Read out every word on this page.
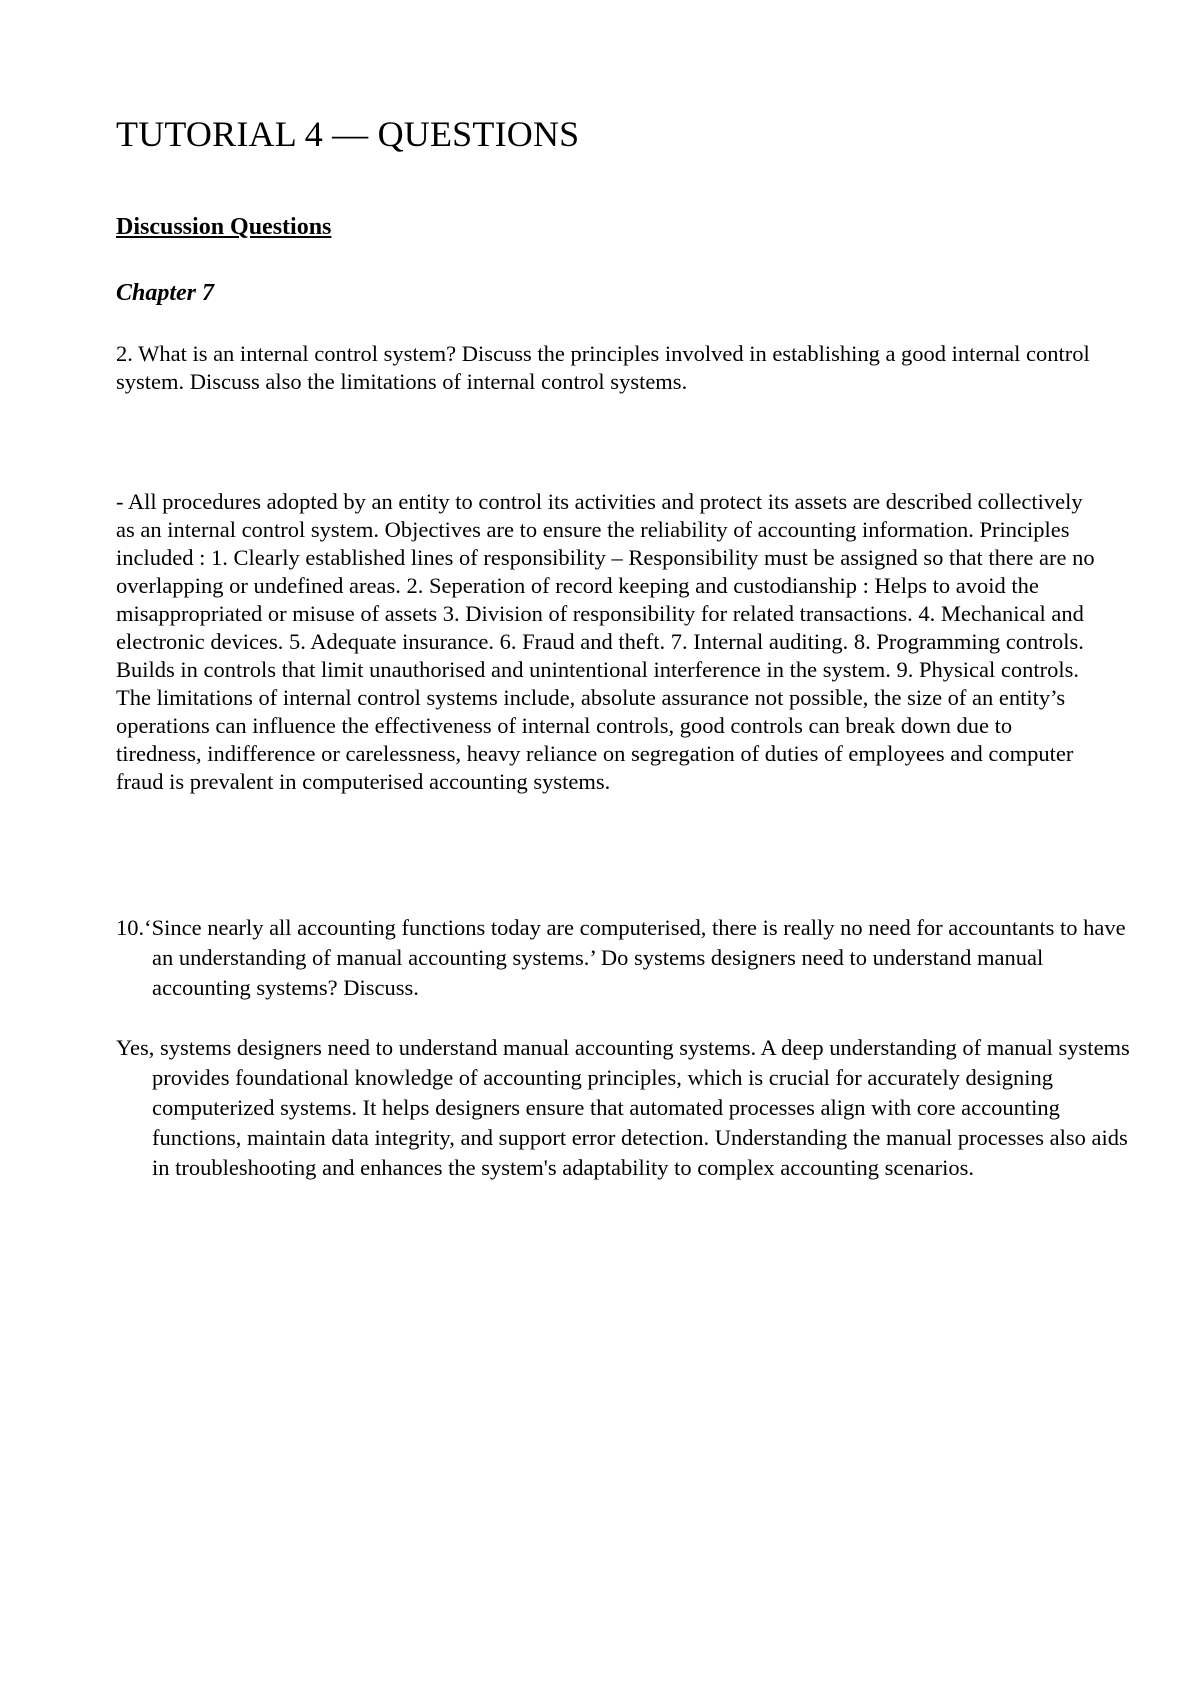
TUTORIAL 4 — QUESTIONS
Discussion Questions
Chapter 7

2. What is an internal control system? Discuss the principles involved in establishing a good internal control system. Discuss also the limitations of internal control systems.

- All procedures adopted by an entity to control its activities and protect its assets are described collectively as an internal control system. Objectives are to ensure the reliability of accounting information. Principles included : 1. Clearly established lines of responsibility – Responsibility must be assigned so that there are no overlapping or undefined areas. 2. Seperation of record keeping and custodianship : Helps to avoid the misappropriated or misuse of assets 3. Division of responsibility for related transactions. 4. Mechanical and electronic devices. 5. Adequate insurance. 6. Fraud and theft. 7. Internal auditing. 8. Programming controls. Builds in controls that limit unauthorised and unintentional interference in the system. 9. Physical controls. The limitations of internal control systems include, absolute assurance not possible, the size of an entity’s operations can influence the effectiveness of internal controls, good controls can break down due to tiredness, indifference or carelessness, heavy reliance on segregation of duties of employees and computer fraud is prevalent in computerised accounting systems.

10.‘Since nearly all accounting functions today are computerised, there is really no need for accountants to have an understanding of manual accounting systems.’ Do systems designers need to understand manual accounting systems? Discuss.

Yes, systems designers need to understand manual accounting systems. A deep understanding of manual systems provides foundational knowledge of accounting principles, which is crucial for accurately designing computerized systems. It helps designers ensure that automated processes align with core accounting functions, maintain data integrity, and support error detection. Understanding the manual processes also aids in troubleshooting and enhances the system's adaptability to complex accounting scenarios.
